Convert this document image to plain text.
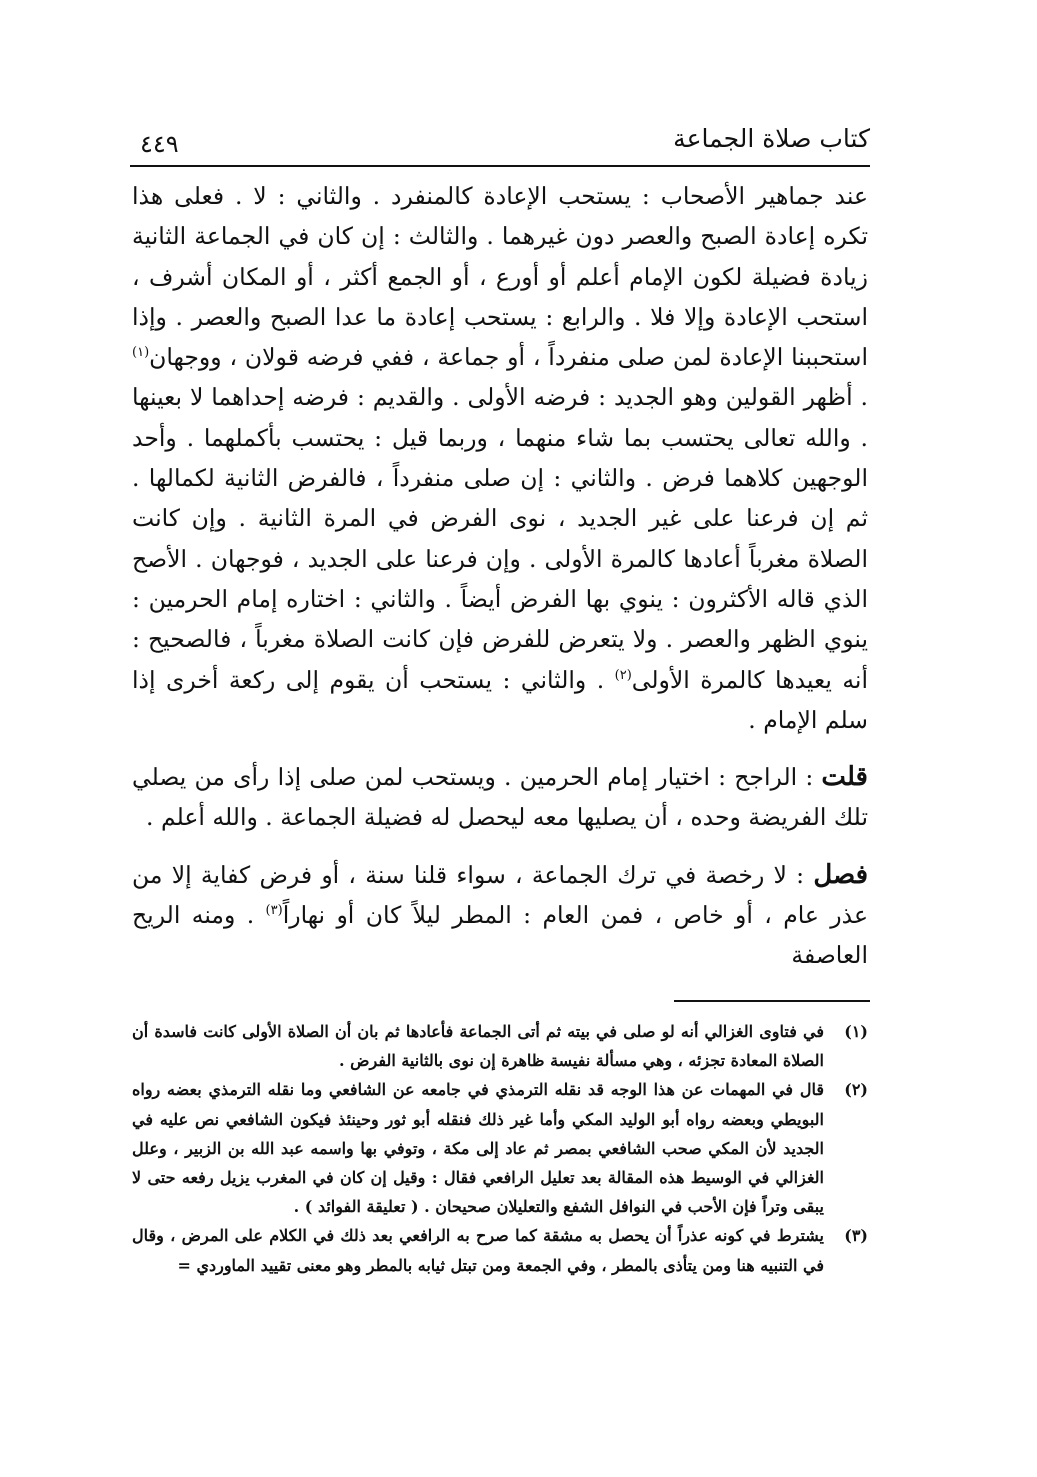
كتاب صلاة الجماعة
٤٤٩

عند جماهير الأصحاب : يستحب الإعادة كالمنفرد . والثاني : لا . فعلى هذا تكره إعادة الصبح والعصر دون غيرهما . والثالث : إن كان في الجماعة الثانية زيادة فضيلة لكون الإمام أعلم أو أورع ، أو الجمع أكثر ، أو المكان أشرف ، استحب الإعادة وإلا فلا . والرابع : يستحب إعادة ما عدا الصبح والعصر . وإذا استحببنا الإعادة لمن صلى منفرداً ، أو جماعة ، ففي فرضه قولان ، ووجهان$^{(١)}$ . أظهر القولين وهو الجديد : فرضه الأولى . والقديم : فرضه إحداهما لا بعينها . والله تعالى يحتسب بما شاء منهما ، وربما قيل : يحتسب بأكملهما . وأحد الوجهين كلاهما فرض . والثاني : إن صلى منفرداً ، فالفرض الثانية لكمالها . ثم إن فرعنا على غير الجديد ، نوى الفرض في المرة الثانية . وإن كانت الصلاة مغرباً أعادها كالمرة الأولى . وإن فرعنا على الجديد ، فوجهان . الأصح الذي قاله الأكثرون : ينوي بها الفرض أيضاً . والثاني : اختاره إمام الحرمين : ينوي الظهر والعصر . ولا يتعرض للفرض فإن كانت الصلاة مغرباً ، فالصحيح : أنه يعيدها كالمرة الأولى$^{(٢)}$ . والثاني : يستحب أن يقوم إلى ركعة أخرى إذا سلم الإمام .

قلت : الراجح : اختيار إمام الحرمين . ويستحب لمن صلى إذا رأى من يصلي تلك الفريضة وحده ، أن يصليها معه ليحصل له فضيلة الجماعة . والله أعلم .

فصل : لا رخصة في ترك الجماعة ، سواء قلنا سنة ، أو فرض كفاية إلا من عذر عام ، أو خاص ، فمن العام : المطر ليلاً كان أو نهاراً$^{(٣)}$ . ومنه الريح العاصفة

(١)
في فتاوى الغزالي أنه لو صلى في بيته ثم أتى الجماعة فأعادها ثم بان أن الصلاة الأولى كانت فاسدة أن الصلاة المعادة تجزئه ، وهي مسألة نفيسة ظاهرة إن نوى بالثانية الفرض .
(٢)
قال في المهمات عن هذا الوجه قد نقله الترمذي في جامعه عن الشافعي وما نقله الترمذي بعضه رواه البويطي وبعضه رواه أبو الوليد المكي وأما غير ذلك فنقله أبو ثور وحينئذ فيكون الشافعي نص عليه في الجديد لأن المكي صحب الشافعي بمصر ثم عاد إلى مكة ، وتوفي بها واسمه عبد الله بن الزبير ، وعلل الغزالي في الوسيط هذه المقالة بعد تعليل الرافعي فقال : وقيل إن كان في المغرب يزيل رفعه حتى لا يبقى وتراً فإن الأحب في النوافل الشفع والتعليلان صحيحان . ( تعليقة الفوائد ) .
(٣)
يشترط في كونه عذراً أن يحصل به مشقة كما صرح به الرافعي بعد ذلك في الكلام على المرض ، وقال في التنبيه هنا ومن يتأذى بالمطر ، وفي الجمعة ومن تبتل ثيابه بالمطر وهو معنى تقييد الماوردي =
